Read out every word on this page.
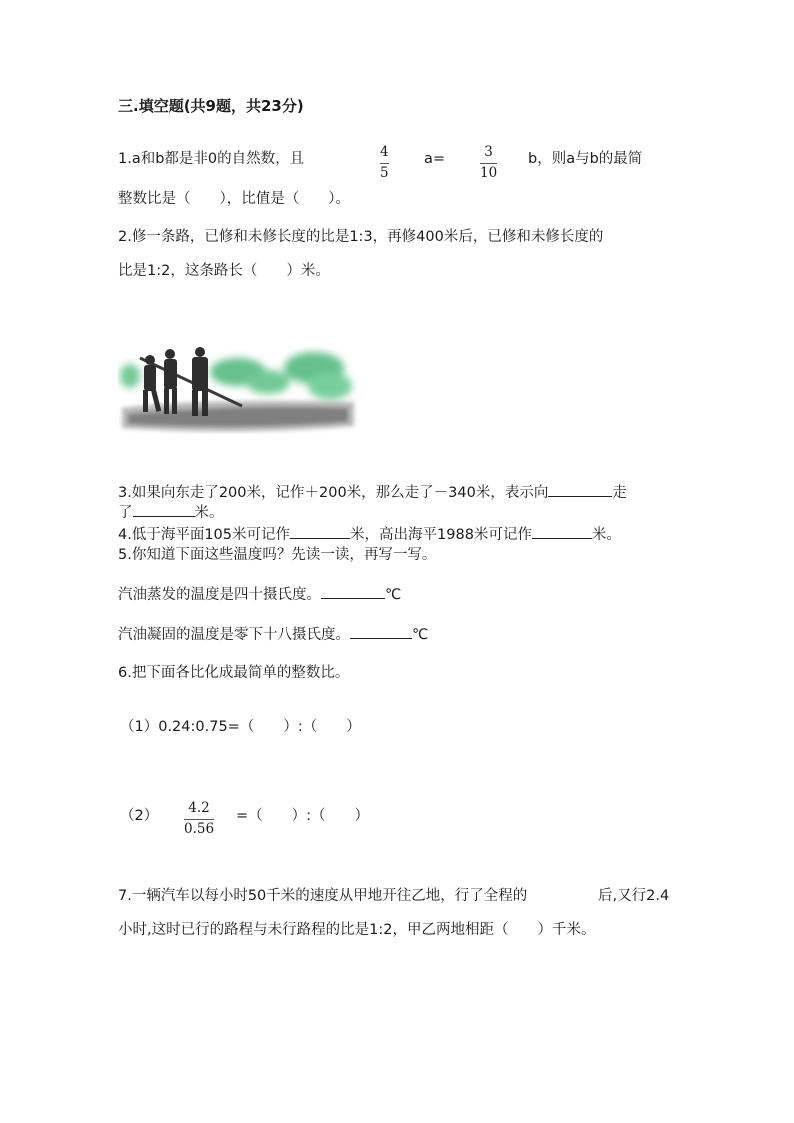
三.填空题(共9题，共23分)
1.a和b都是非0的自然数，且	4
5
a=	3
10
b，则a与b的最简
整数比是（　　），比值是（　　）。
2.修一条路，已修和未修长度的比是1:3，再修400米后，已修和未修长度的
比是1:2，这条路长（　　）米。
3.如果向东走了200米，记作＋200米，那么走了－340米，表示向	走
了	米。
4.低于海平面105米可记作	米，高出海平1988米可记作	米。
5.你知道下面这些温度吗？先读一读，再写一写。
汽油蒸发的温度是四十摄氏度。	℃
汽油凝固的温度是零下十八摄氏度。	℃
6.把下面各比化成最简单的整数比。
（1）0.24:0.75=（　　）:（　　）
（2） 4.2
0.56
=（　　）:（　　）
7.一辆汽车以每小时50千米的速度从甲地开往乙地，行了全程的	后,又行2.4
小时,这时已行的路程与未行路程的比是1:2，甲乙两地相距（　　）千米。
